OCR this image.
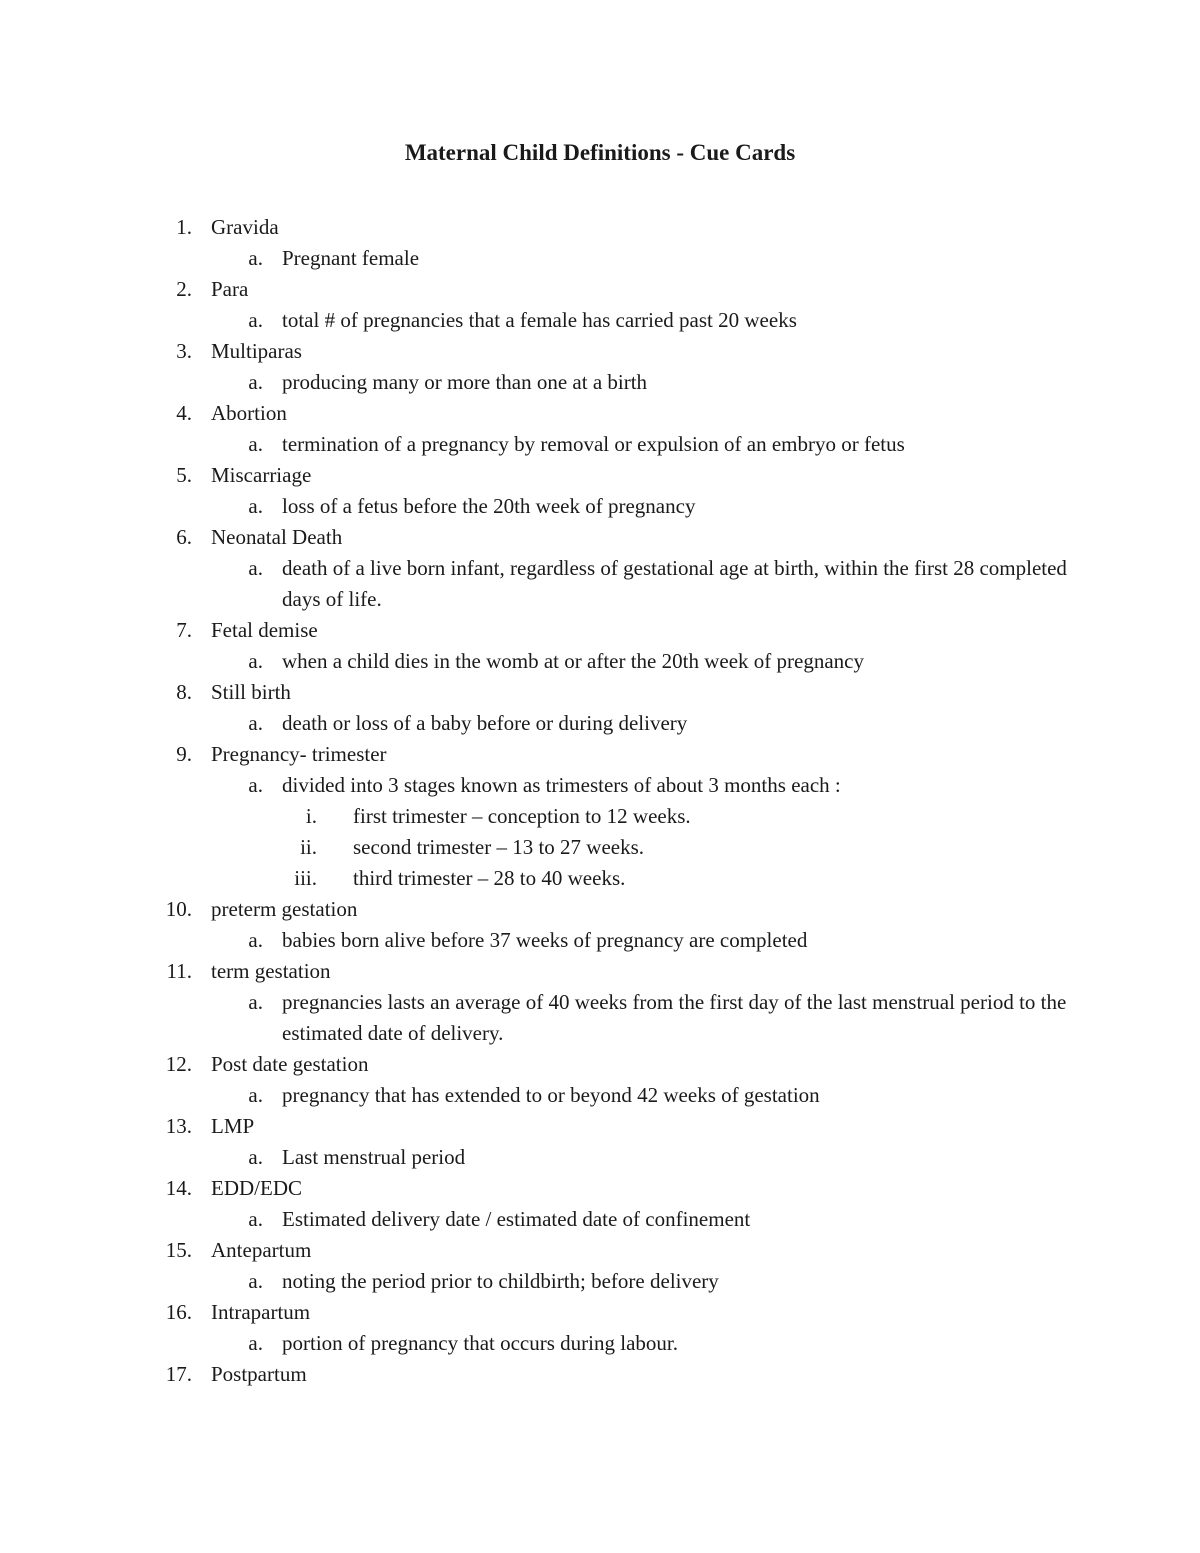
Maternal Child Definitions - Cue Cards
1. Gravida
a. Pregnant female
2. Para
a. total # of pregnancies that a female has carried past 20 weeks
3. Multiparas
a. producing many or more than one at a birth
4. Abortion
a. termination of a pregnancy by removal or expulsion of an embryo or fetus
5. Miscarriage
a. loss of a fetus before the 20th week of pregnancy
6. Neonatal Death
a. death of a live born infant, regardless of gestational age at birth, within the first 28 completed days of life.
7. Fetal demise
a. when a child dies in the womb at or after the 20th week of pregnancy
8. Still birth
a. death or loss of a baby before or during delivery
9. Pregnancy- trimester
a. divided into 3 stages known as trimesters of about 3 months each :
i. first trimester – conception to 12 weeks.
ii. second trimester – 13 to 27 weeks.
iii. third trimester – 28 to 40 weeks.
10. preterm gestation
a. babies born alive before 37 weeks of pregnancy are completed
11. term gestation
a. pregnancies lasts an average of 40 weeks from the first day of the last menstrual period to the estimated date of delivery.
12. Post date gestation
a. pregnancy that has extended to or beyond 42 weeks of gestation
13. LMP
a. Last menstrual period
14. EDD/EDC
a. Estimated delivery date / estimated date of confinement
15. Antepartum
a. noting the period prior to childbirth; before delivery
16. Intrapartum
a. portion of pregnancy that occurs during labour.
17. Postpartum
